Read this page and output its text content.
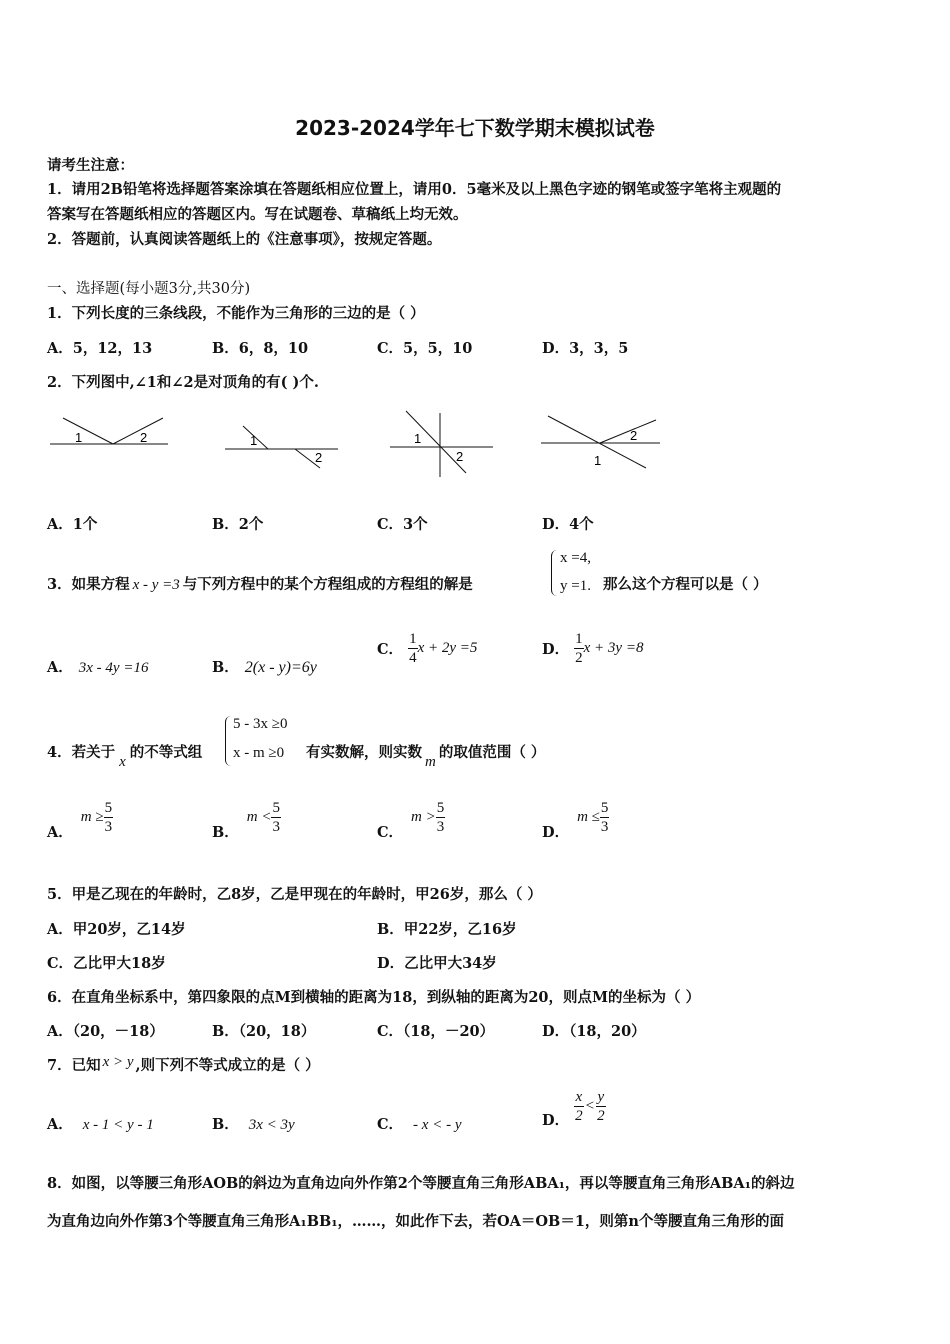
2023-2024学年七下数学期末模拟试卷
请考生注意：
1．请用2B铅笔将选择题答案涂填在答题纸相应位置上，请用0．5毫米及以上黑色字迹的钢笔或签字笔将主观题的
答案写在答题纸相应的答题区内。写在试题卷、草稿纸上均无效。
2．答题前，认真阅读答题纸上的《注意事项》，按规定答题。
一、选择题(每小题3分,共30分)
1．下列长度的三条线段，不能作为三角形的三边的是（ ）
A．5，12，13	B．6，8，10	C．5，5，10	D．3，3，5
2．下列图中,∠1和∠2是对顶角的有( )个.
1	2	1
2
1
2
2
1
A．1个	B．2个	C．3个	D．4个
3．如果方程 x - y =3 与下列方程中的某个方程组成的方程组的解是
x =4,
y =1. 那么这个方程可以是（ ）
A． 3x - 4y =16	B． 2(x - y)=6y
C． $\frac{1}{4}$ x + 2y =5	D． $\frac{1}{2}$ x + 3y =8
4．若关于x的不等式组
5 - 3x ≥0
x - m ≥0 有实数解，则实数m的取值范围（ ）
A．$m \ge \frac{5}{3}$	B．$m < \frac{5}{3}$	C．$m > \frac{5}{3}$	D．$m \le \frac{5}{3}$
5．甲是乙现在的年龄时，乙8岁，乙是甲现在的年龄时，甲26岁，那么（ ）
A．甲20岁，乙14岁	B．甲22岁，乙16岁
C．乙比甲大18岁	D．乙比甲大34岁
6．在直角坐标系中，第四象限的点M到横轴的距离为18，到纵轴的距离为20，则点M的坐标为（ ）
A．（20，－18）	B．（20，18）	C．（18，－20）	D．（18，20）
7．已知 x > y ,则下列不等式成立的是（ ）
A． x - 1 < y - 1	B． 3x < 3y	C． - x < - y	D． $\frac{x}{2} < \frac{y}{2}$
8．如图，以等腰三角形AOB的斜边为直角边向外作第2个等腰直角三角形ABA₁，再以等腰直角三角形ABA₁的斜边
为直角边向外作第3个等腰直角三角形A₁BB₁，……，如此作下去，若OA＝OB＝1，则第n个等腰直角三角形的面
